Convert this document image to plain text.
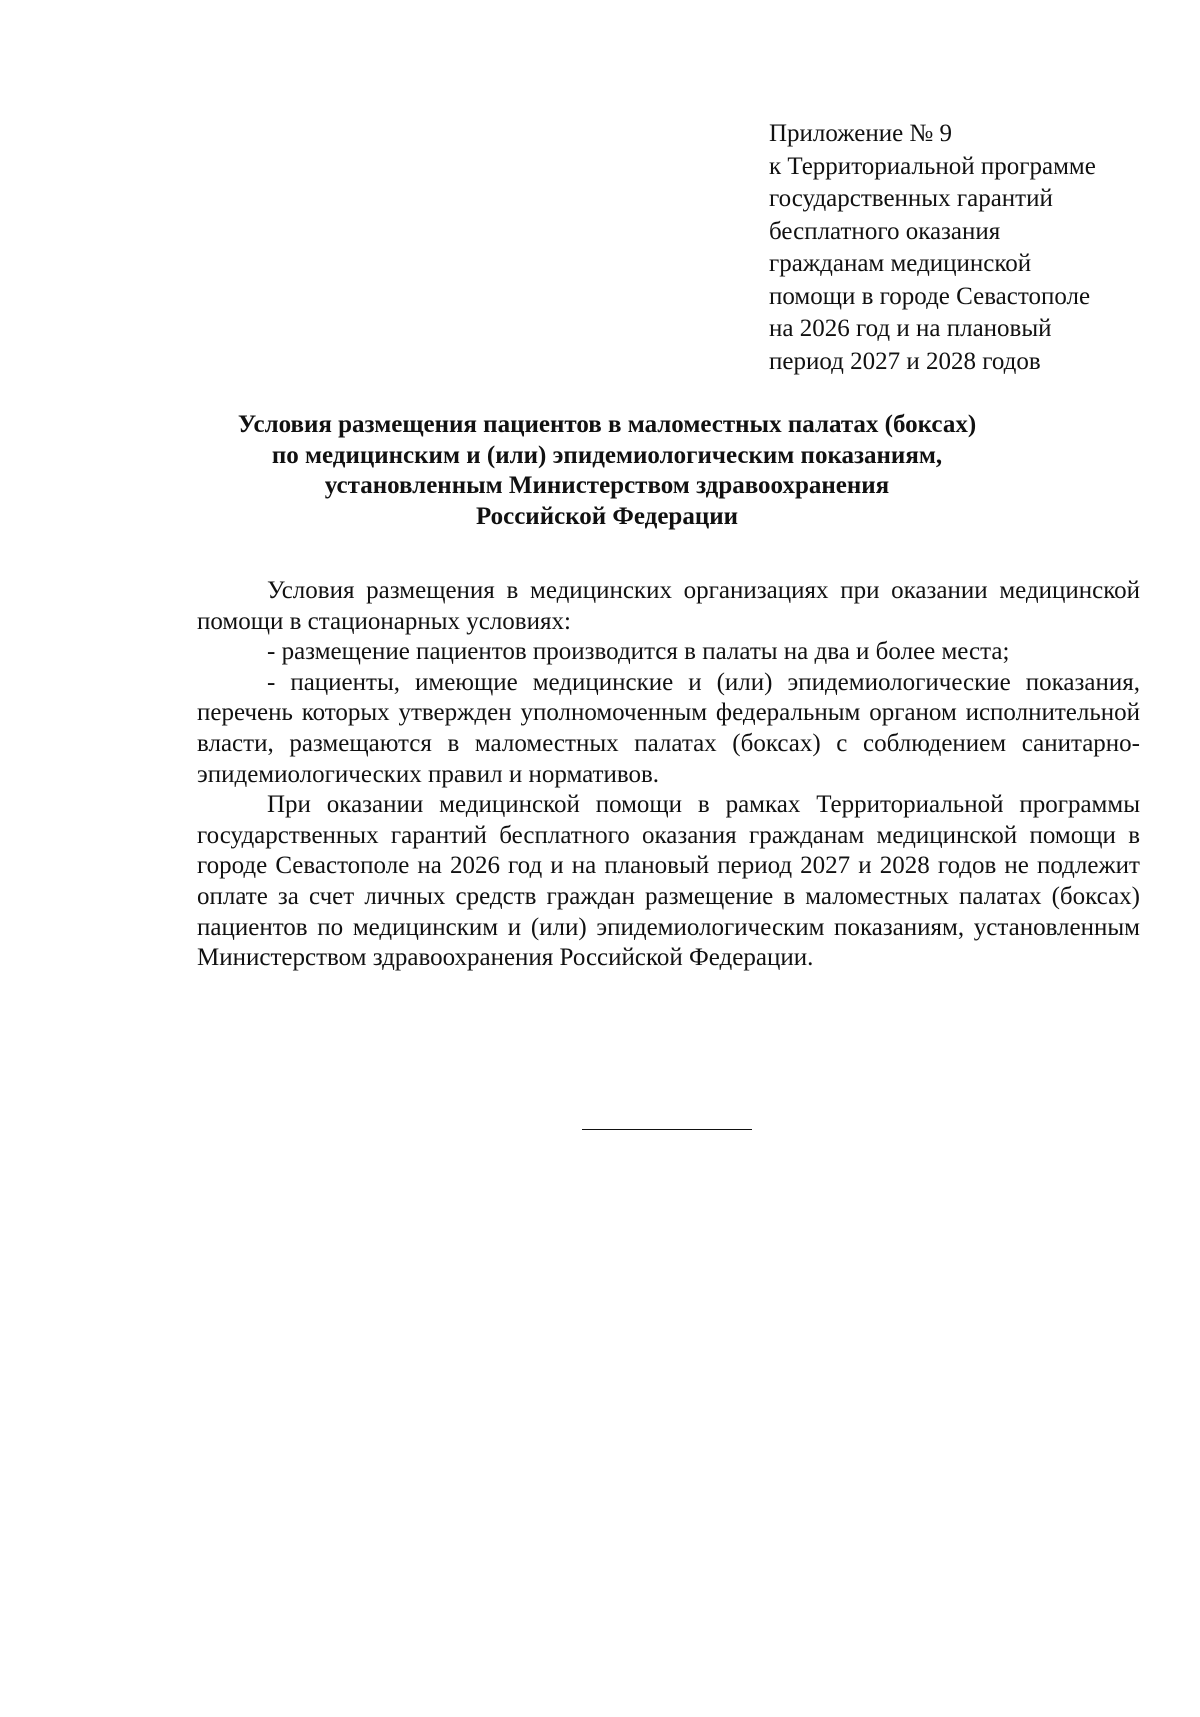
Приложение № 9
к Территориальной программе
государственных гарантий
бесплатного оказания
гражданам медицинской
помощи в городе Севастополе
на 2026 год и на плановый
период 2027 и 2028 годов
Условия размещения пациентов в маломестных палатах (боксах)
по медицинским и (или) эпидемиологическим показаниям,
установленным Министерством здравоохранения
Российской Федерации

Условия размещения в медицинских организациях при оказании медицинской помощи в стационарных условиях:

- размещение пациентов производится в палаты на два и более места;

- пациенты, имеющие медицинские и (или) эпидемиологические показания, перечень которых утвержден уполномоченным федеральным органом исполнительной власти, размещаются в маломестных палатах (боксах) с соблюдением санитарно-эпидемиологических правил и нормативов.

При оказании медицинской помощи в рамках Территориальной программы государственных гарантий бесплатного оказания гражданам медицинской помощи в городе Севастополе на 2026 год и на плановый период 2027 и 2028 годов не подлежит оплате за счет личных средств граждан размещение в маломестных палатах (боксах) пациентов по медицинским и (или) эпидемиологическим показаниям, установленным Министерством здравоохранения Российской Федерации.
